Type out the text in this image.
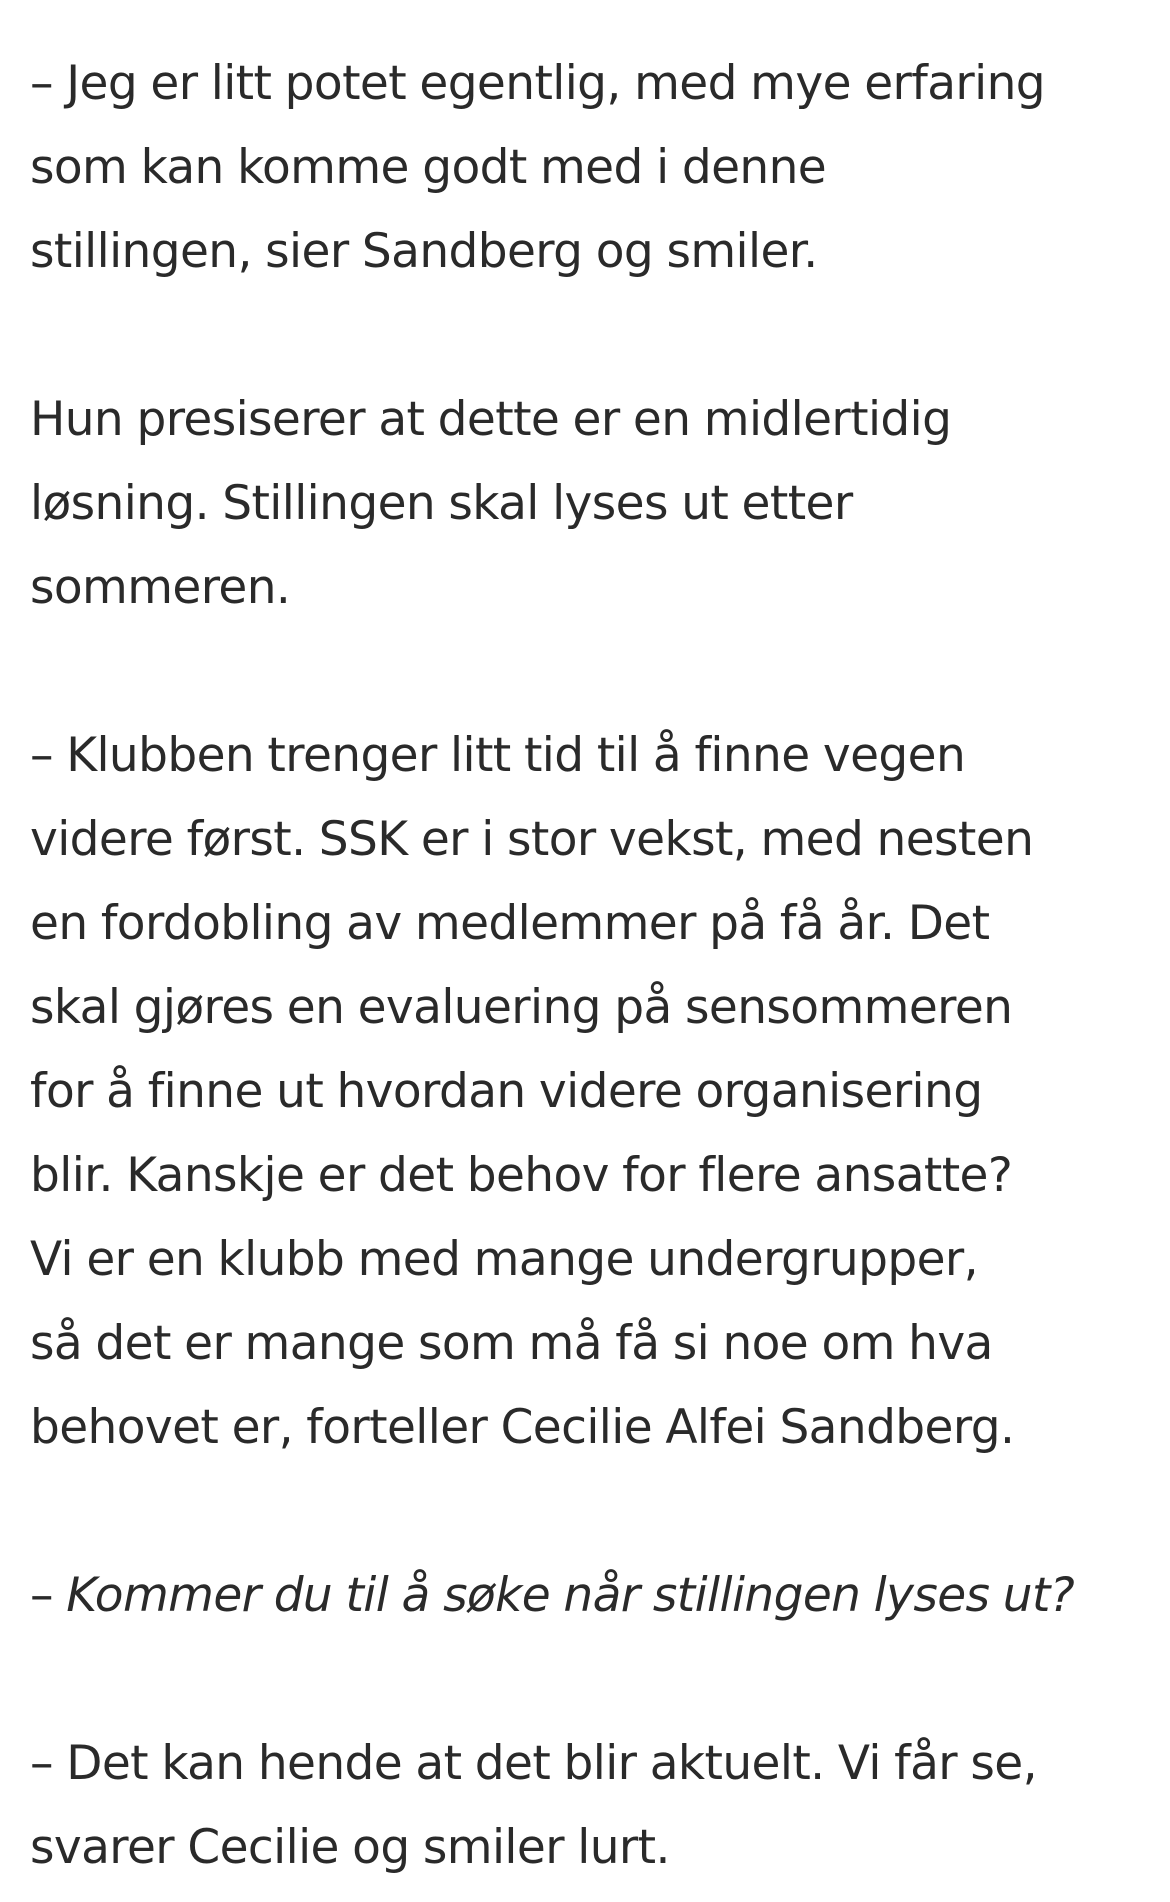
– Jeg er litt potet egentlig, med mye erfaring
som kan komme godt med i denne
stillingen, sier Sandberg og smiler.

Hun presiserer at dette er en midlertidig
løsning. Stillingen skal lyses ut etter
sommeren.

– Klubben trenger litt tid til å finne vegen
videre først. SSK er i stor vekst, med nesten
en fordobling av medlemmer på få år. Det
skal gjøres en evaluering på sensommeren
for å finne ut hvordan videre organisering
blir. Kanskje er det behov for flere ansatte?
Vi er en klubb med mange undergrupper,
så det er mange som må få si noe om hva
behovet er, forteller Cecilie Alfei Sandberg.

– Kommer du til å søke når stillingen lyses ut?

– Det kan hende at det blir aktuelt. Vi får se,
svarer Cecilie og smiler lurt.
